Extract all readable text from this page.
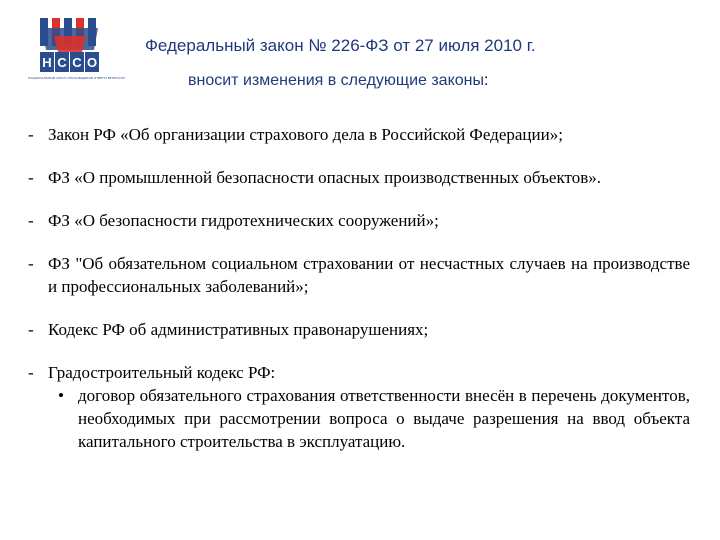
Н С С О
НАЦИОНАЛЬНЫЙ СОЮЗ СТРАХОВЩИКОВ ОТВЕТСТВЕННОСТИ
Федеральный закон № 226-ФЗ от 27 июля 2010 г.
вносит изменения в следующие законы:
- Закон РФ «Об организации страхового дела в Российской Федерации»;
- ФЗ «О промышленной безопасности опасных производственных объектов».
- ФЗ «О безопасности гидротехнических сооружений»;
- ФЗ "Об обязательном социальном страховании от несчастных случаев на производстве и профессиональных заболеваний»;
- Кодекс РФ об административных правонарушениях;
- Градостроительный кодекс РФ:
• договор обязательного страхования ответственности внесён в перечень документов, необходимых при рассмотрении вопроса о выдаче разрешения на ввод объекта капитального строительства в эксплуатацию.
